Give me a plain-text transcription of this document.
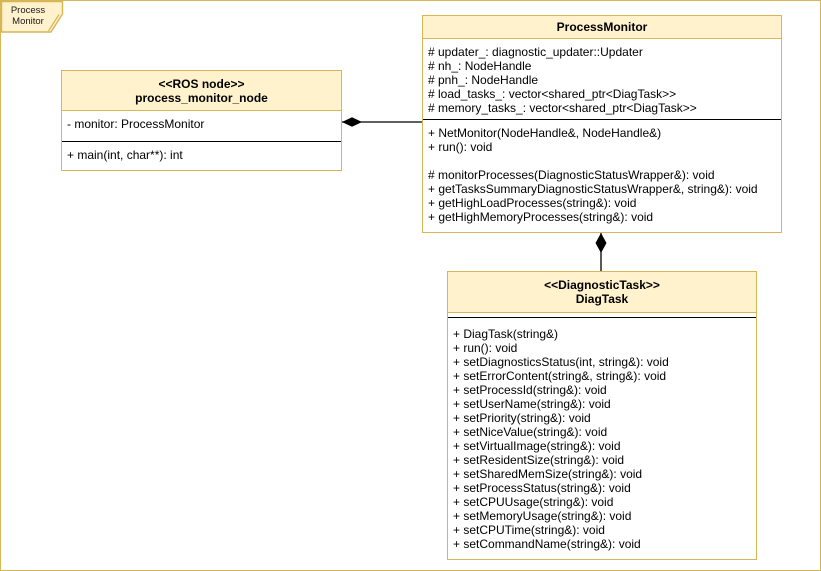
Process Monitor
<<ROS node>>
process_monitor_node
- monitor: ProcessMonitor
+ main(int, char**): int
ProcessMonitor
# updater_: diagnostic_updater::Updater
# nh_: NodeHandle
# pnh_: NodeHandle
# load_tasks_: vector<shared_ptr<DiagTask>>
# memory_tasks_: vector<shared_ptr<DiagTask>>
+ NetMonitor(NodeHandle&, NodeHandle&)
+ run(): void

# monitorProcesses(DiagnosticStatusWrapper&): void
+ getTasksSummaryDiagnosticStatusWrapper&, string&): void
+ getHighLoadProcesses(string&): void
+ getHighMemoryProcesses(string&): void
<<DiagnosticTask>>
DiagTask
+ DiagTask(string&)
+ run(): void
+ setDiagnosticsStatus(int, string&): void
+ setErrorContent(string&, string&): void
+ setProcessId(string&): void
+ setUserName(string&): void
+ setPriority(string&): void
+ setNiceValue(string&): void
+ setVirtualImage(string&): void
+ setResidentSize(string&): void
+ setSharedMemSize(string&): void
+ setProcessStatus(string&): void
+ setCPUUsage(string&): void
+ setMemoryUsage(string&): void
+ setCPUTime(string&): void
+ setCommandName(string&): void
